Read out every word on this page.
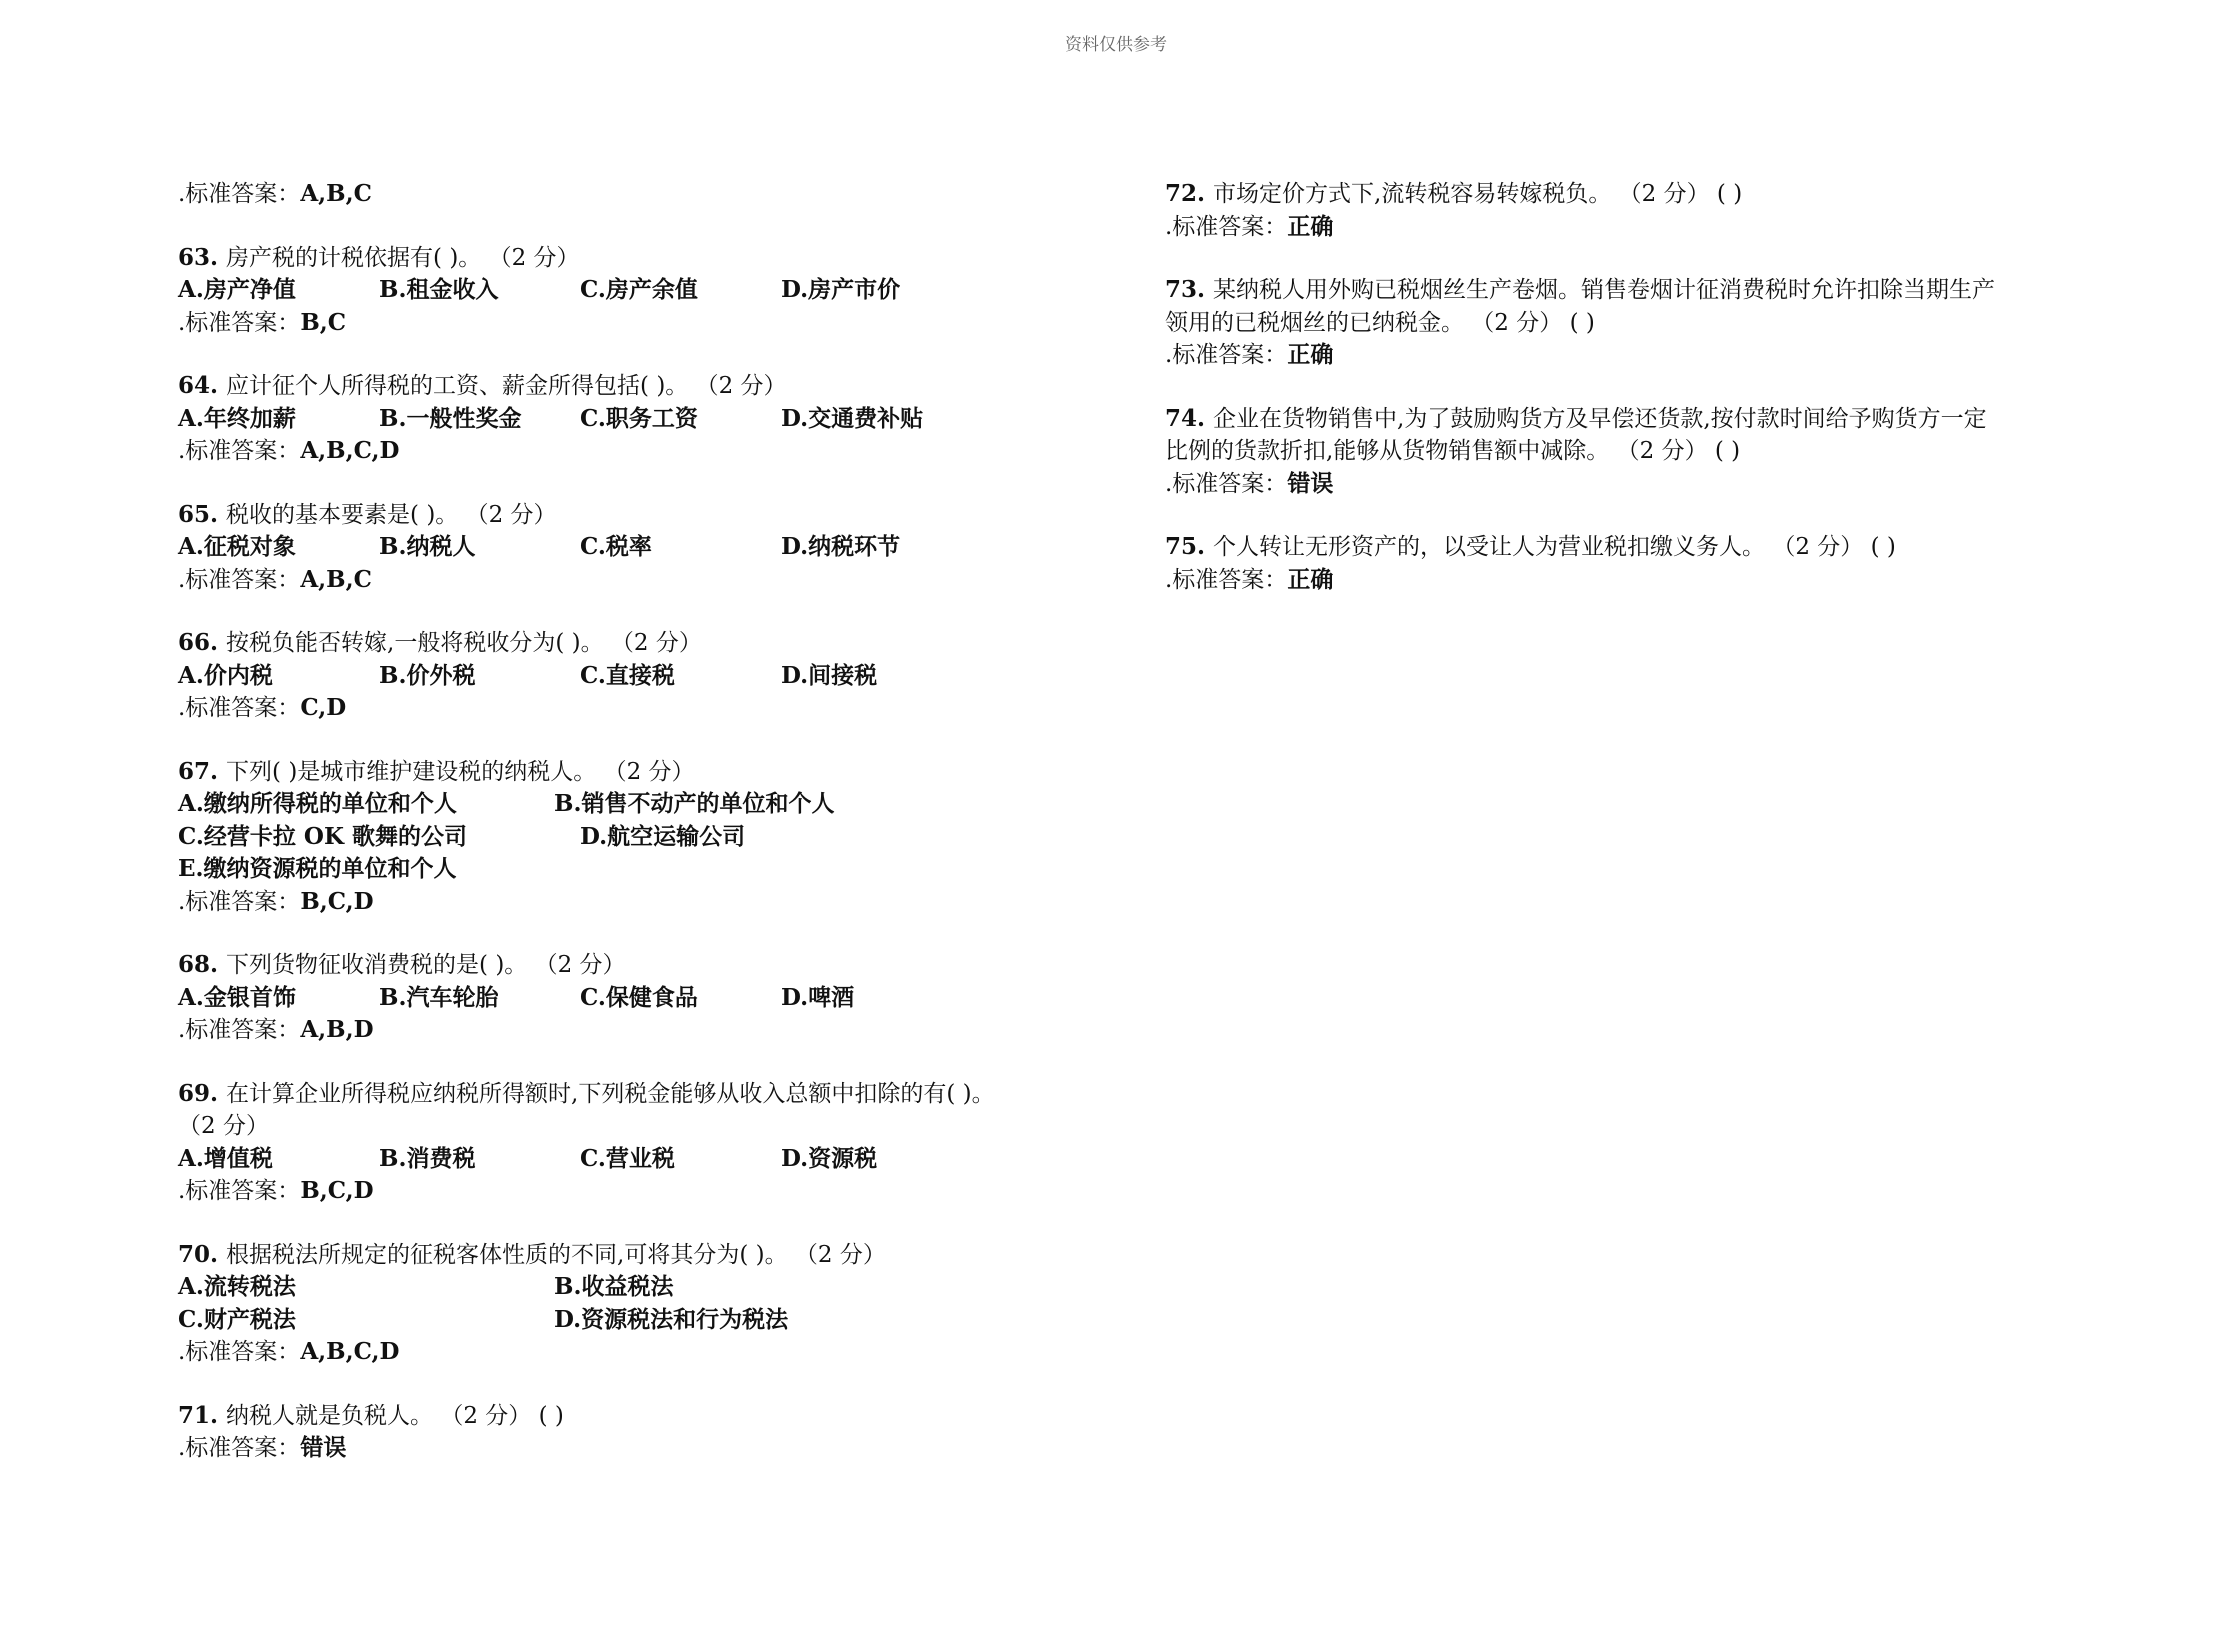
资料仅供参考
.标准答案：A,B,C
63. 房产税的计税依据有( )。 （2 分）
A.房产净值	B.租金收入	C.房产余值	D.房产市价
.标准答案：B,C
64. 应计征个人所得税的工资、薪金所得包括( )。 （2 分）
A.年终加薪	B.一般性奖金	C.职务工资	D.交通费补贴
.标准答案：A,B,C,D
65. 税收的基本要素是( )。 （2 分）
A.征税对象	B.纳税人	C.税率	D.纳税环节
.标准答案：A,B,C
66. 按税负能否转嫁,一般将税收分为( )。 （2 分）
A.价内税	B.价外税	C.直接税	D.间接税
.标准答案：C,D
67. 下列( )是城市维护建设税的纳税人。 （2 分）
A.缴纳所得税的单位和个人	B.销售不动产的单位和个人
C.经营卡拉 OK 歌舞的公司	D.航空运输公司
E.缴纳资源税的单位和个人
.标准答案：B,C,D
68. 下列货物征收消费税的是( )。 （2 分）
A.金银首饰	B.汽车轮胎	C.保健食品	D.啤酒
.标准答案：A,B,D
69. 在计算企业所得税应纳税所得额时,下列税金能够从收入总额中扣除的有( )。
（2 分）
A.增值税	B.消费税	C.营业税	D.资源税
.标准答案：B,C,D
70. 根据税法所规定的征税客体性质的不同,可将其分为( )。 （2 分）
A.流转税法	B.收益税法
C.财产税法	D.资源税法和行为税法
.标准答案：A,B,C,D
71. 纳税人就是负税人。 （2 分） ( )
.标准答案：错误
72. 市场定价方式下,流转税容易转嫁税负。 （2 分） ( )
.标准答案：正确
73. 某纳税人用外购已税烟丝生产卷烟。销售卷烟计征消费税时允许扣除当期生产
领用的已税烟丝的已纳税金。 （2 分） ( )
.标准答案：正确
74. 企业在货物销售中,为了鼓励购货方及早偿还货款,按付款时间给予购货方一定
比例的货款折扣,能够从货物销售额中减除。 （2 分） ( )
.标准答案：错误
75. 个人转让无形资产的，以受让人为营业税扣缴义务人。 （2 分） ( )
.标准答案：正确
